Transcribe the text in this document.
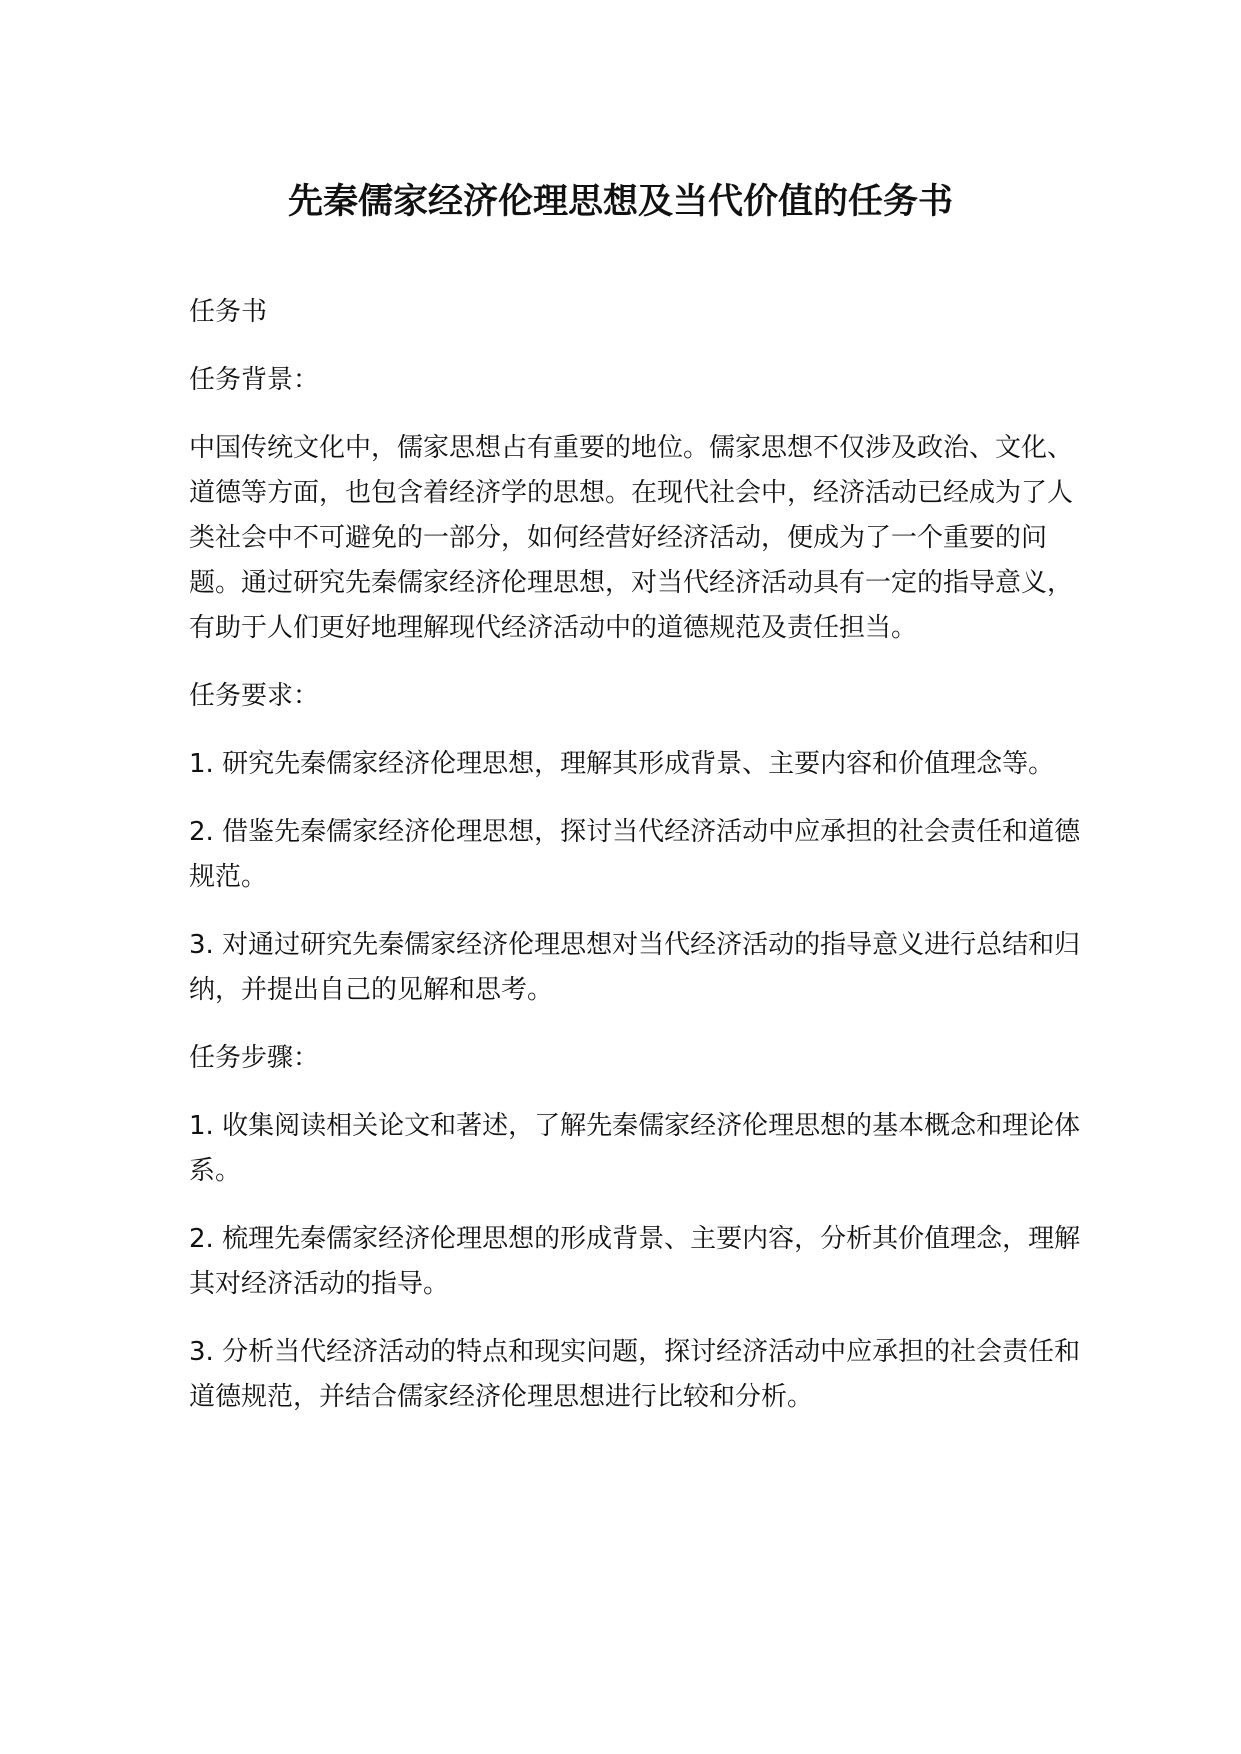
先秦儒家经济伦理思想及当代价值的任务书

任务书

任务背景：

中国传统文化中，儒家思想占有重要的地位。儒家思想不仅涉及政治、文化、道德等方面，也包含着经济学的思想。在现代社会中，经济活动已经成为了人类社会中不可避免的一部分，如何经营好经济活动，便成为了一个重要的问题。通过研究先秦儒家经济伦理思想，对当代经济活动具有一定的指导意义，有助于人们更好地理解现代经济活动中的道德规范及责任担当。

任务要求：

1. 研究先秦儒家经济伦理思想，理解其形成背景、主要内容和价值理念等。

2. 借鉴先秦儒家经济伦理思想，探讨当代经济活动中应承担的社会责任和道德规范。

3. 对通过研究先秦儒家经济伦理思想对当代经济活动的指导意义进行总结和归纳，并提出自己的见解和思考。

任务步骤：

1. 收集阅读相关论文和著述，了解先秦儒家经济伦理思想的基本概念和理论体系。

2. 梳理先秦儒家经济伦理思想的形成背景、主要内容，分析其价值理念，理解其对经济活动的指导。

3. 分析当代经济活动的特点和现实问题，探讨经济活动中应承担的社会责任和道德规范，并结合儒家经济伦理思想进行比较和分析。
